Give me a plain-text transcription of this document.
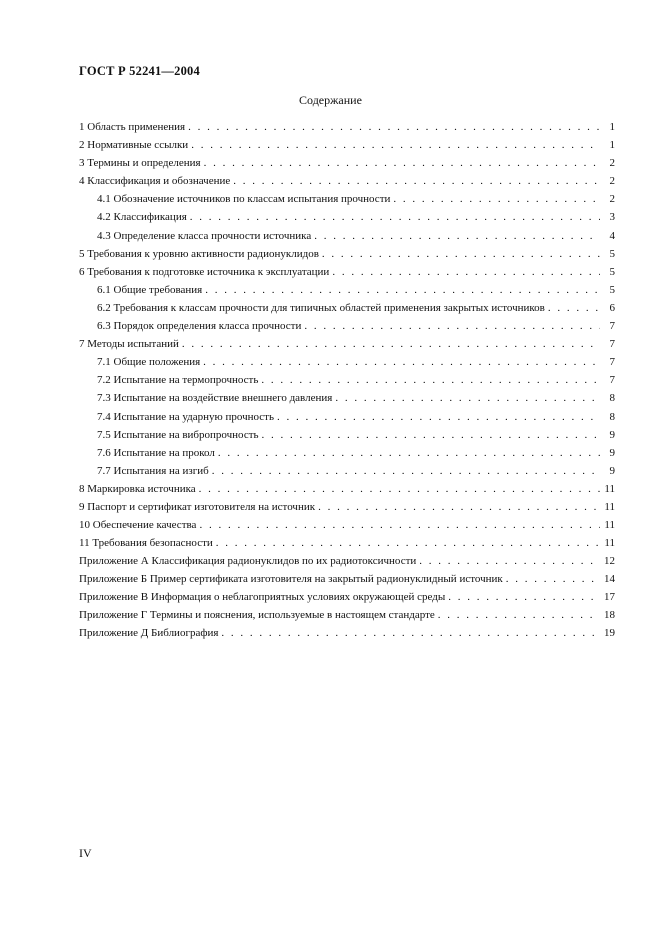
ГОСТ Р 52241—2004
Содержание
1 Область применения . . .	1
2 Нормативные ссылки . . .	1
3 Термины и определения . . .	2
4 Классификация и обозначение . . .	2
4.1 Обозначение источников по классам испытания прочности . . .	2
4.2 Классификация . . .	3
4.3 Определение класса прочности источника . . .	4
5 Требования к уровню активности радионуклидов . . .	5
6 Требования к подготовке источника к эксплуатации . . .	5
6.1 Общие требования . . .	5
6.2 Требования к классам прочности для типичных областей применения закрытых источников . . .	6
6.3 Порядок определения класса прочности . . .	7
7 Методы испытаний . . .	7
7.1 Общие положения . . .	7
7.2 Испытание на термопрочность . . .	7
7.3 Испытание на воздействие внешнего давления . . .	8
7.4 Испытание на ударную прочность . . .	8
7.5 Испытание на вибропрочность . . .	9
7.6 Испытание на прокол . . .	9
7.7 Испытания на изгиб . . .	9
8 Маркировка источника . . .	11
9 Паспорт и сертификат изготовителя на источник . . .	11
10 Обеспечение качества . . .	11
11 Требования безопасности . . .	11
Приложение А Классификация радионуклидов по их радиотоксичности . . .	12
Приложение Б Пример сертификата изготовителя на закрытый радионуклидный источник . . .	14
Приложение В Информация о неблагоприятных условиях окружающей среды . . .	17
Приложение Г Термины и пояснения, используемые в настоящем стандарте . . .	18
Приложение Д Библиография . . .	19
IV
